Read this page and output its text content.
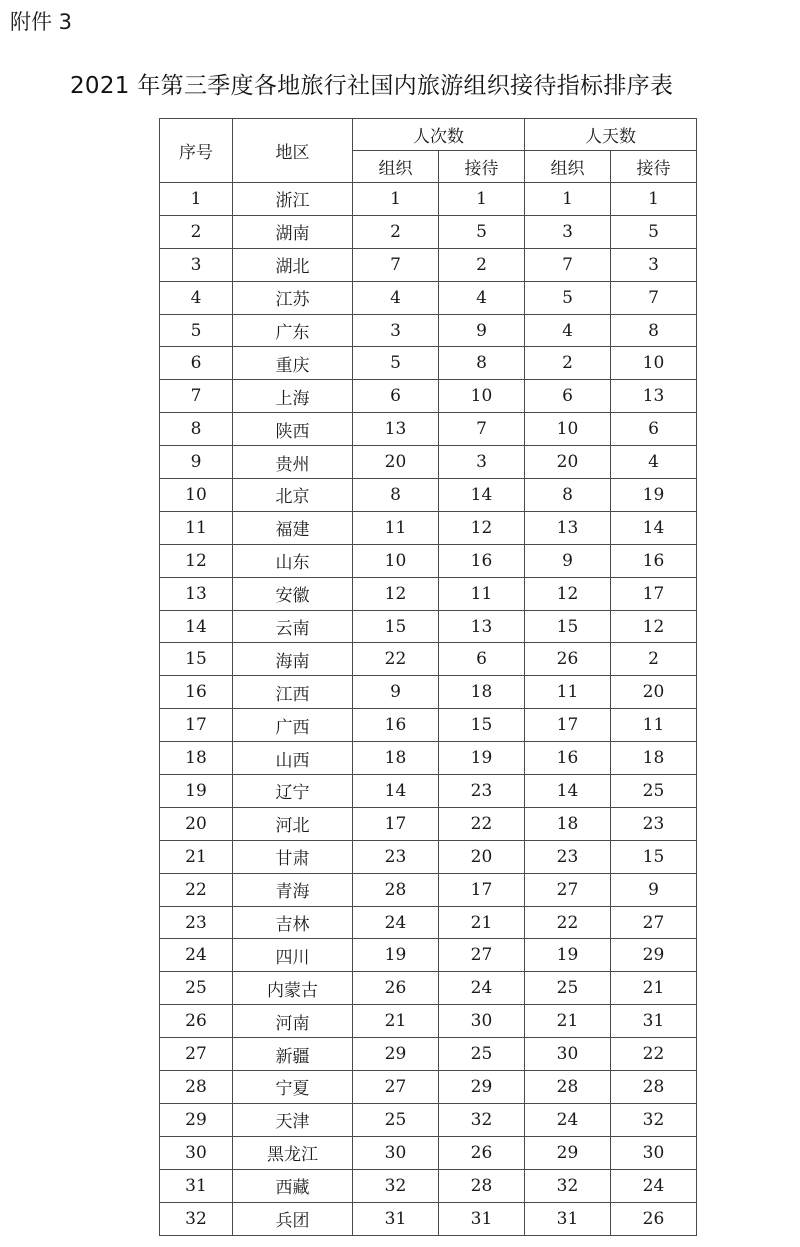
附件 3
2021 年第三季度各地旅行社国内旅游组织接待指标排序表
序号	地区	人次数		人天数	
		组织	接待	组织	接待
1	浙江	1	1	1	1
2	湖南	2	5	3	5
3	湖北	7	2	7	3
4	江苏	4	4	5	7
5	广东	3	9	4	8
6	重庆	5	8	2	10
7	上海	6	10	6	13
8	陕西	13	7	10	6
9	贵州	20	3	20	4
10	北京	8	14	8	19
11	福建	11	12	13	14
12	山东	10	16	9	16
13	安徽	12	11	12	17
14	云南	15	13	15	12
15	海南	22	6	26	2
16	江西	9	18	11	20
17	广西	16	15	17	11
18	山西	18	19	16	18
19	辽宁	14	23	14	25
20	河北	17	22	18	23
21	甘肃	23	20	23	15
22	青海	28	17	27	9
23	吉林	24	21	22	27
24	四川	19	27	19	29
25	内蒙古	26	24	25	21
26	河南	21	30	21	31
27	新疆	29	25	30	22
28	宁夏	27	29	28	28
29	天津	25	32	24	32
30	黑龙江	30	26	29	30
31	西藏	32	28	32	24
32	兵团	31	31	31	26
